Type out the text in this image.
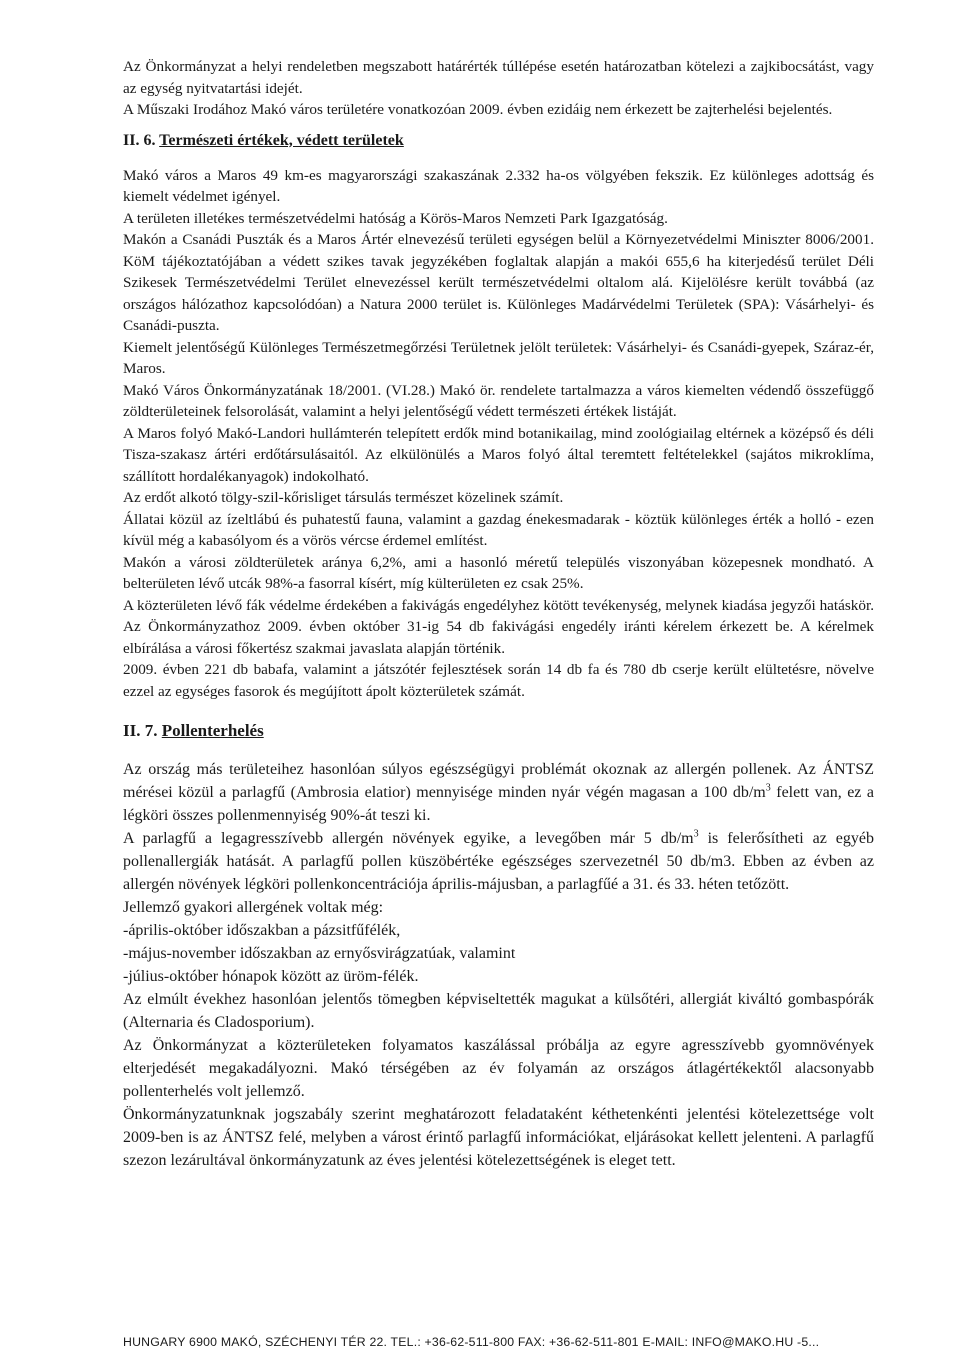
Az Önkormányzat a helyi rendeletben megszabott határérték túllépése esetén határozatban kötelezi a zajkibocsátást, vagy az egység nyitvatartási idejét.

A Műszaki Irodához Makó város területére vonatkozóan 2009. évben ezidáig nem érkezett be zajterhelési bejelentés.

II. 6. Természeti értékek, védett területek

Makó város a Maros 49 km-es magyarországi szakaszának 2.332 ha-os völgyében fekszik. Ez különleges adottság és kiemelt védelmet igényel.

A területen illetékes természetvédelmi hatóság a Körös-Maros Nemzeti Park Igazgatóság.

Makón a Csanádi Puszták és a Maros Ártér elnevezésű területi egységen belül a Környezetvédelmi Miniszter 8006/2001. KöM tájékoztatójában a védett szikes tavak jegyzékében foglaltak alapján a makói 655,6 ha kiterjedésű terület Déli Szikesek Természetvédelmi Terület elnevezéssel került természetvédelmi oltalom alá. Kijelölésre került továbbá (az országos hálózathoz kapcsolódóan) a Natura 2000 terület is. Különleges Madárvédelmi Területek (SPA): Vásárhelyi- és Csanádi-puszta.

Kiemelt jelentőségű Különleges Természetmegőrzési Területnek jelölt területek: Vásárhelyi- és Csanádi-gyepek, Száraz-ér, Maros.

Makó Város Önkormányzatának 18/2001. (VI.28.) Makó ör. rendelete tartalmazza a város kiemelten védendő összefüggő zöldterületeinek felsorolását, valamint a helyi jelentőségű védett természeti értékek listáját.

A Maros folyó Makó-Landori hullámterén telepített erdők mind botanikailag, mind zoológiailag eltérnek a középső és déli Tisza-szakasz ártéri erdőtársulásaitól. Az elkülönülés a Maros folyó által teremtett feltételekkel (sajátos mikroklíma, szállított hordalékanyagok) indokolható.

Az erdőt alkotó tölgy-szil-kőrisliget társulás természet közelinek számít.

Állatai közül az ízeltlábú és puhatestű fauna, valamint a gazdag énekesmadarak - köztük különleges érték a holló - ezen kívül még a kabasólyom és a vörös vércse érdemel említést.

Makón a városi zöldterületek aránya 6,2%, ami a hasonló méretű település viszonyában közepesnek mondható. A belterületen lévő utcák 98%-a fasorral kísért, míg külterületen ez csak 25%.

A közterületen lévő fák védelme érdekében a fakivágás engedélyhez kötött tevékenység, melynek kiadása jegyzői hatáskör. Az Önkormányzathoz 2009. évben október 31-ig 54 db fakivágási engedély iránti kérelem érkezett be. A kérelmek elbírálása a városi főkertész szakmai javaslata alapján történik.

2009. évben 221 db babafa, valamint a játszótér fejlesztések során 14 db fa és 780 db cserje került elültetésre, növelve ezzel az egységes fasorok és megújított ápolt közterületek számát.

II. 7. Pollenterhelés

Az ország más területeihez hasonlóan súlyos egészségügyi problémát okoznak az allergén pollenek. Az ÁNTSZ mérései közül a parlagfű (Ambrosia elatior) mennyisége minden nyár végén magasan a 100 $db/m^3$ felett van, ez a légköri összes pollenmennyiség 90%-át teszi ki.

A parlagfű a legagresszívebb allergén növények egyike, a levegőben már 5 $db/m^3$ is felerősítheti az egyéb pollenallergiák hatását. A parlagfű pollen küszöbértéke egészséges szervezetnél 50 db/m3. Ebben az évben az allergén növények légköri pollenkoncentrációja április-májusban, a parlagfűé a 31. és 33. héten tetőzött.

Jellemző gyakori allergének voltak még:

-április-október időszakban a pázsitfűfélék,

-május-november időszakban az ernyősvirágzatúak, valamint

-július-október hónapok között az üröm-félék.

Az elmúlt évekhez hasonlóan jelentős tömegben képviseltették magukat a külsőtéri, allergiát kiváltó gombaspórák (Alternaria és Cladosporium).

Az Önkormányzat a közterületeken folyamatos kaszálással próbálja az egyre agresszívebb gyomnövények elterjedését megakadályozni. Makó térségében az év folyamán az országos átlagértékektől alacsonyabb pollenterhelés volt jellemző.

Önkormányzatunknak jogszabály szerint meghatározott feladataként kéthetenkénti jelentési kötelezettsége volt 2009-ben is az ÁNTSZ felé, melyben a várost érintő parlagfű információkat, eljárásokat kellett jelenteni. A parlagfű szezon lezárultával önkormányzatunk az éves jelentési kötelezettségének is eleget tett.

HUNGARY 6900 MAKÓ, SZÉCHENYI TÉR 22. TEL.: +36-62-511-800 FAX: +36-62-511-801 E-MAIL: INFO@MAKO.HU -5...
